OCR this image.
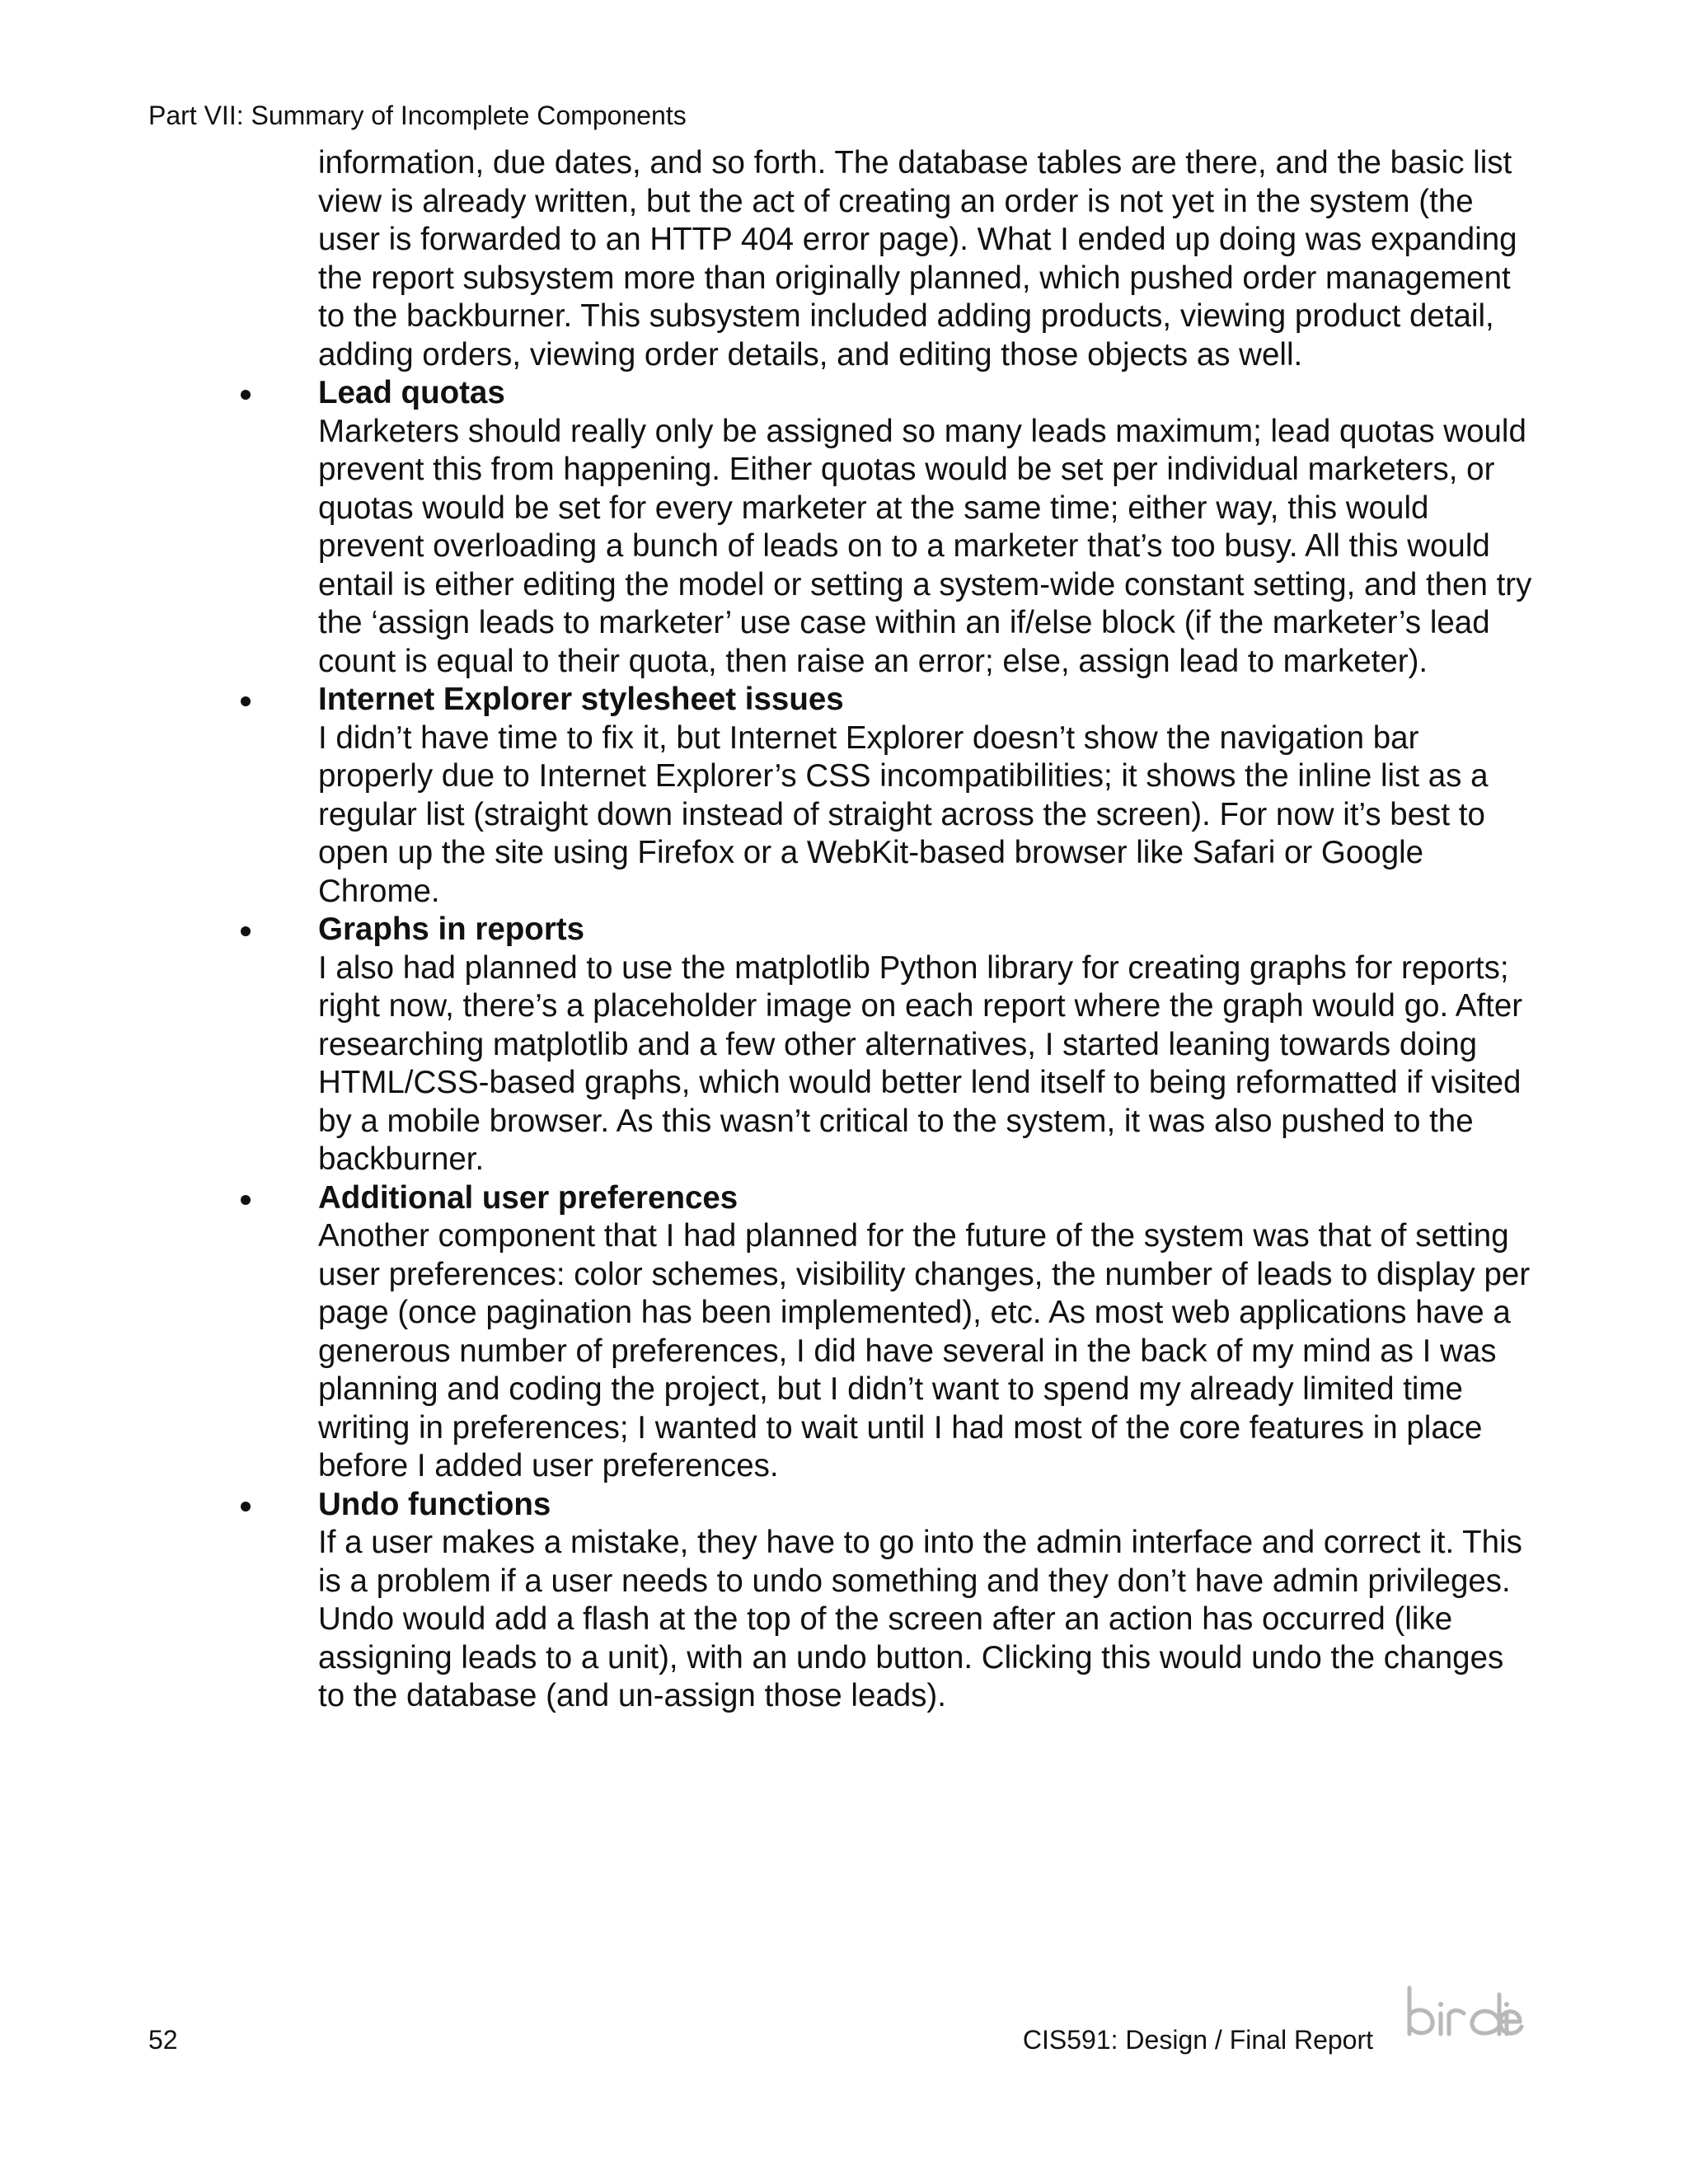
Part VII: Summary of Incomplete Components

information, due dates, and so forth. The database tables are there, and the basic list view is already written, but the act of creating an order is not yet in the system (the user is forwarded to an HTTP 404 error page). What I ended up doing was expanding the report subsystem more than originally planned, which pushed order management to the backburner. This subsystem included adding products, viewing product detail, adding orders, viewing order details, and editing those objects as well.

Lead quotas
Marketers should really only be assigned so many leads maximum; lead quotas would prevent this from happening. Either quotas would be set per individual marketers, or quotas would be set for every marketer at the same time; either way, this would prevent overloading a bunch of leads on to a marketer that’s too busy. All this would entail is either editing the model or setting a system-wide constant setting, and then try the ‘assign leads to marketer’ use case within an if/else block (if the marketer’s lead count is equal to their quota, then raise an error; else, assign lead to marketer).
Internet Explorer stylesheet issues
I didn’t have time to fix it, but Internet Explorer doesn’t show the navigation bar properly due to Internet Explorer’s CSS incompatibilities; it shows the inline list as a regular list (straight down instead of straight across the screen). For now it’s best to open up the site using Firefox or a WebKit-based browser like Safari or Google Chrome.
Graphs in reports
I also had planned to use the matplotlib Python library for creating graphs for reports; right now, there’s a placeholder image on each report where the graph would go. After researching matplotlib and a few other alternatives, I started leaning towards doing HTML/CSS-based graphs, which would better lend itself to being reformatted if visited by a mobile browser. As this wasn’t critical to the system, it was also pushed to the backburner.
Additional user preferences
Another component that I had planned for the future of the system was that of setting user preferences: color schemes, visibility changes, the number of leads to display per page (once pagination has been implemented), etc. As most web applications have a generous number of preferences, I did have several in the back of my mind as I was planning and coding the project, but I didn’t want to spend my already limited time writing in preferences; I wanted to wait until I had most of the core features in place before I added user preferences.
Undo functions
If a user makes a mistake, they have to go into the admin interface and correct it. This is a problem if a user needs to undo something and they don’t have admin privileges. Undo would add a flash at the top of the screen after an action has occurred (like assigning leads to a unit), with an undo button. Clicking this would undo the changes to the database (and un-assign those leads).
52	CIS591: Design / Final Report
